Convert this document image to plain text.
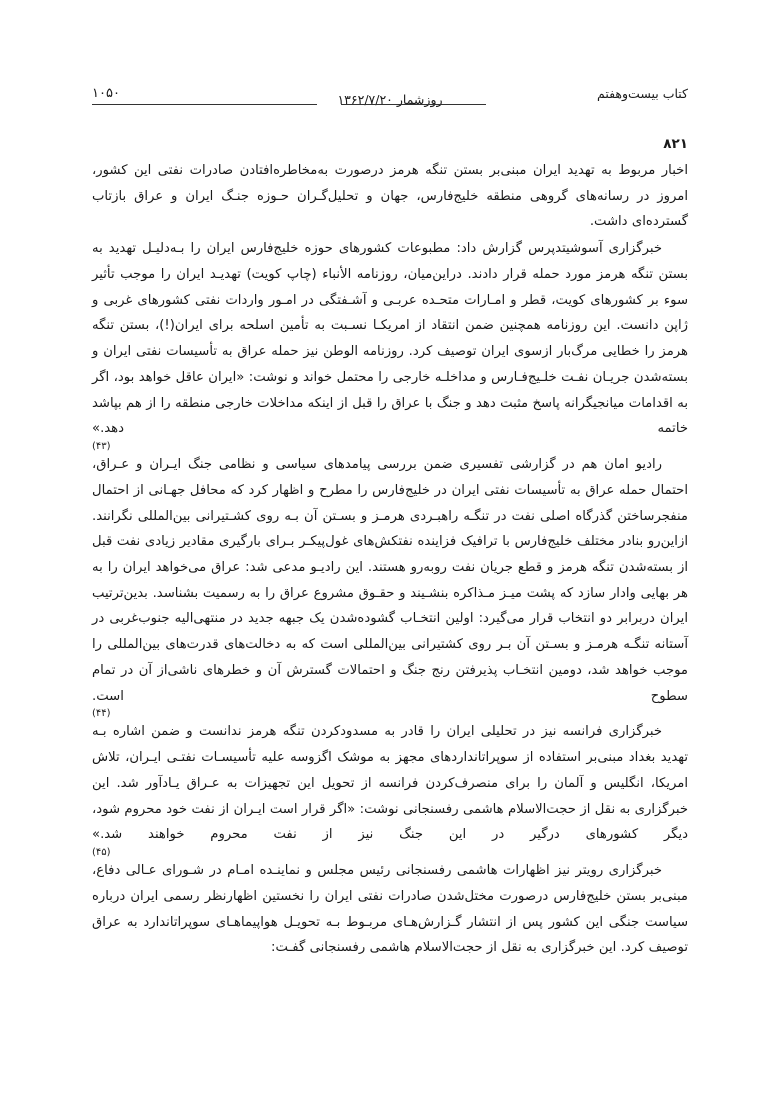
۱۰۵۰	کتاب بیست‌وهفتم
روزشمار ۱۳۶۲/۷/۲۰
۸۲۱

اخبار مربوط به تهدید ایران مبنی‌بر بستن تنگه هرمز درصورت به‌مخاطره‌افتادن صادرات نفتی این کشور، امروز در رسانه‌های گروهی منطقه خلیج‌فارس، جهان و تحلیل‌گـران حـوزه جنـگ ایران و عراق بازتاب گسترده‌ای داشت.

خبرگزاری آسوشیتدپرس گزارش داد: مطبوعات کشورهای حوزه خلیج‌فارس ایران را بـه‌دلیـل تهدید به بستن تنگه هرمز مورد حمله قرار دادند. دراین‌میان، روزنامه الأنباء (چاپ کویت) تهدیـد ایران را موجب تأثیر سوء بر کشورهای کویت، قطر و امـارات متحـده عربـی و آشـفتگی در امـور واردات نفتی کشورهای غربی و ژاپن دانست. این روزنامه همچنین ضمن انتقاد از امریکـا نسـبت به تأمین اسلحه برای ایران(!)، بستن تنگه هرمز را خطایی مرگ‌بار ازسوی ایران توصیف کرد. روزنامه الوطن نیز حمله عراق به تأسیسات نفتی ایران و بسته‌شدن جریـان نفـت خلـیج‌فـارس و مداخلـه خارجی را محتمل خواند و نوشت: «ایران عاقل خواهد بود، اگر به اقدامات میانجیگرانه پاسخ مثبت دهد و جنگ با عراق را قبل از اینکه مداخلات خارجی منطقه را از هم بپاشد خاتمه دهد.»

(۴۳)

رادیو امان هم در گزارشی تفسیری ضمن بررسی پیامدهای سیاسی و نظامی جنگ ایـران و عـراق، احتمال حمله عراق به تأسیسات نفتی ایران در خلیج‌فارس را مطرح و اظهار کرد که محافل جهـانی از احتمال منفجرساختن گذرگاه اصلی نفت در تنگـه راهبـردی هرمـز و بسـتن آن بـه روی کشـتیرانی بین‌المللی نگرانند. ازاین‌رو بنادر مختلف خلیج‌فارس با ترافیک فزاینده نفتکش‌های غول‌پیکـر بـرای بارگیری مقادیر زیادی نفت قبل از بسته‌شدن تنگه هرمز و قطع جریان نفت روبه‌رو هستند. این رادیـو مدعی شد: عراق می‌خواهد ایران را به هر بهایی وادار سازد که پشت میـز مـذاکره بنشـیند و حقـوق مشروع عراق را به رسمیت بشناسد. بدین‌ترتیب ایران دربرابر دو انتخاب قرار می‌گیرد: اولین انتخـاب گشوده‌شدن یک جبهه جدید در منتهی‌الیه جنوب‌غربی در آستانه تنگـه هرمـز و بسـتن آن بـر روی کشتیرانی بین‌المللی است که به دخالت‌های قدرت‌های بین‌المللی را موجب خواهد شد، دومین انتخـاب پذیرفتن رنج جنگ و احتمالات گسترش آن و خطرهای ناشی‌از آن در تمام سطوح است.

(۴۴)

خبرگزاری فرانسه نیز در تحلیلی ایران را قادر به مسدودکردن تنگه هرمز ندانست و ضمن اشاره بـه تهدید بغداد مبنی‌بر استفاده از سوپراتانداردهای مجهز به موشک اگزوسه علیه تأسیسـات نفتـی ایـران، تلاش امریکا، انگلیس و آلمان را برای منصرف‌کردن فرانسه از تحویل این تجهیزات به عـراق یـادآور شد. این خبرگزاری به نقل از حجت‌الاسلام هاشمی رفسنجانی نوشت: «اگر قرار است ایـران از نفت خود محروم شود، دیگر کشورهای درگیر در این جنگ نیز از نفت محروم خواهند شد.»

(۴۵)

خبرگزاری رویتر نیز اظهارات هاشمی رفسنجانی رئیس مجلس و نماینـده امـام در شـورای عـالی دفاع، مبنی‌بر بستن خلیج‌فارس درصورت مختل‌شدن صادرات نفتی ایران را نخستین اظهارنظر رسمی ایران درباره سیاست جنگی این کشور پس از انتشار گـزارش‌هـای مربـوط بـه تحویـل هواپیماهـای سوپراتاندارد به عراق توصیف کرد. این خبرگزاری به نقل از حجت‌الاسلام هاشمی رفسنجانی گفـت:
